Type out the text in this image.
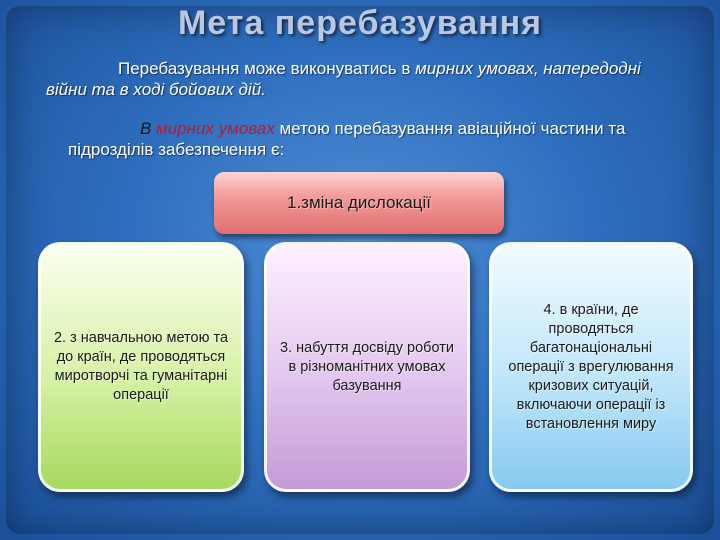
Мета перебазування
Перебазування може виконуватись в мирних умовах, напередодні війни та в ході бойових дій.
В мирних умовах метою перебазування авіаційної частини та підрозділів забезпечення є:
1.зміна дислокації
2. з навчальною метою та до країн, де проводяться миротворчі та гуманітарні операції
3. набуття досвіду роботи в різноманітних умовах базування
4. в країни, де проводяться багатонаціональні операції з врегулювання кризових ситуацій, включаючи операції із встановлення миру
